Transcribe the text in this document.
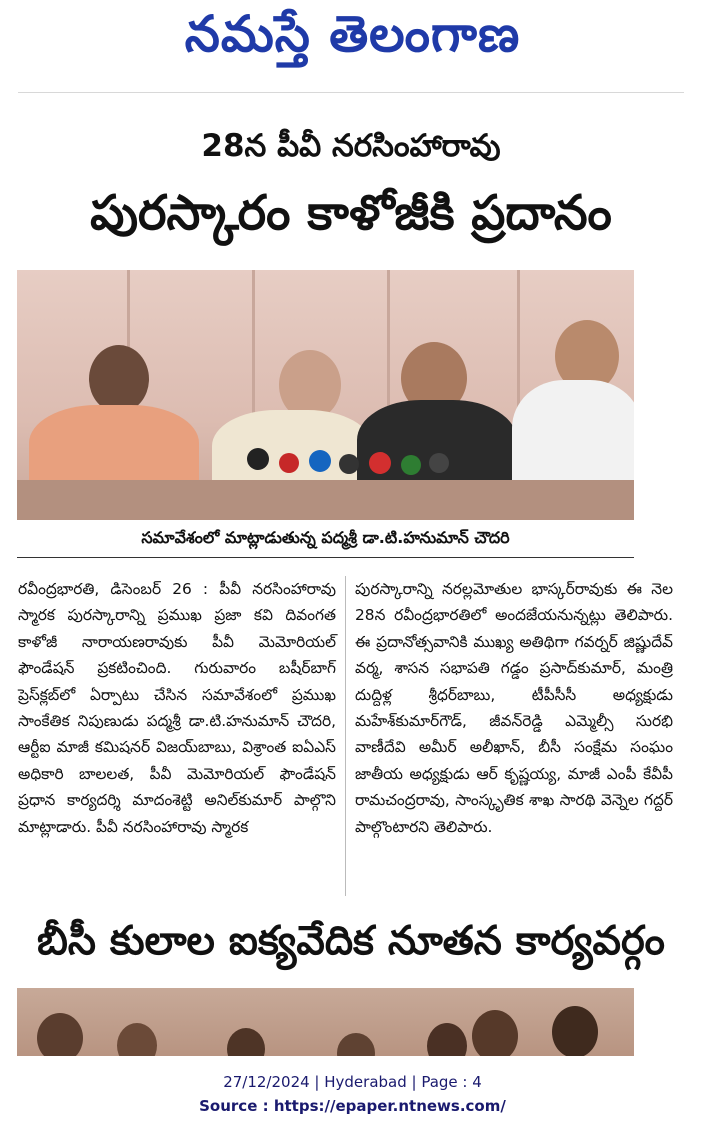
నమస్తే తెలంగాణ
28న పీవీ నరసింహారావు
పురస్కారం కాళోజీకి ప్రదానం
సమావేశంలో మాట్లాడుతున్న పద్మశ్రీ డా.టి.హనుమాన్ చౌదరి
రవీంద్రభారతి, డిసెంబర్ 26 : పీవీ నరసింహారావు స్మారక పురస్కారాన్ని ప్రముఖ ప్రజా కవి దివంగత కాళోజీ నారాయణరావుకు పీవీ మెమోరియల్ ఫౌండేషన్ ప్రకటించింది. గురువారం బషీర్‌బాగ్ ప్రెస్‌క్లబ్‌లో ఏర్పాటు చేసిన సమావేశంలో ప్రముఖ సాంకేతిక నిపుణుడు పద్మశ్రీ డా.టి.హనుమాన్ చౌదరి, ఆర్టీఐ మాజీ కమిషనర్ విజయ్‌బాబు, విశ్రాంత ఐఏఎస్ అధికారి బాలలత, పీవీ మెమోరియల్ ఫౌండేషన్ ప్రధాన కార్యదర్శి మాదంశెట్టి అనిల్‌కుమార్ పాల్గొని మాట్లాడారు. పీవీ నరసింహారావు స్మారక
పురస్కారాన్ని నరల్లమోతుల భాస్కర్‌రావుకు ఈ నెల 28న రవీంద్రభారతిలో అందజేయనున్నట్లు తెలిపారు. ఈ ప్రదానోత్సవానికి ముఖ్య అతిథిగా గవర్నర్ జిష్ణుదేవ్ వర్మ, శాసన సభాపతి గడ్డం ప్రసాద్‌కుమార్, మంత్రి దుద్దిళ్ల శ్రీధర్‌బాబు, టీపీసీసీ అధ్యక్షుడు మహేశ్‌కుమార్‌గౌడ్, జీవన్‌రెడ్డి ఎమ్మెల్సీ సురభి వాణీదేవి అమీర్ అలీఖాన్, బీసీ సంక్షేమ సంఘం జాతీయ అధ్యక్షుడు ఆర్ కృష్ణయ్య, మాజీ ఎంపీ కేవీపీ రామచంద్రరావు, సాంస్కృతిక శాఖ సారథి వెన్నెల గద్దర్ పాల్గొంటారని తెలిపారు.
బీసీ కులాల ఐక్యవేదిక నూతన కార్యవర్గం
27/12/2024 | Hyderabad | Page : 4
Source : https://epaper.ntnews.com/
